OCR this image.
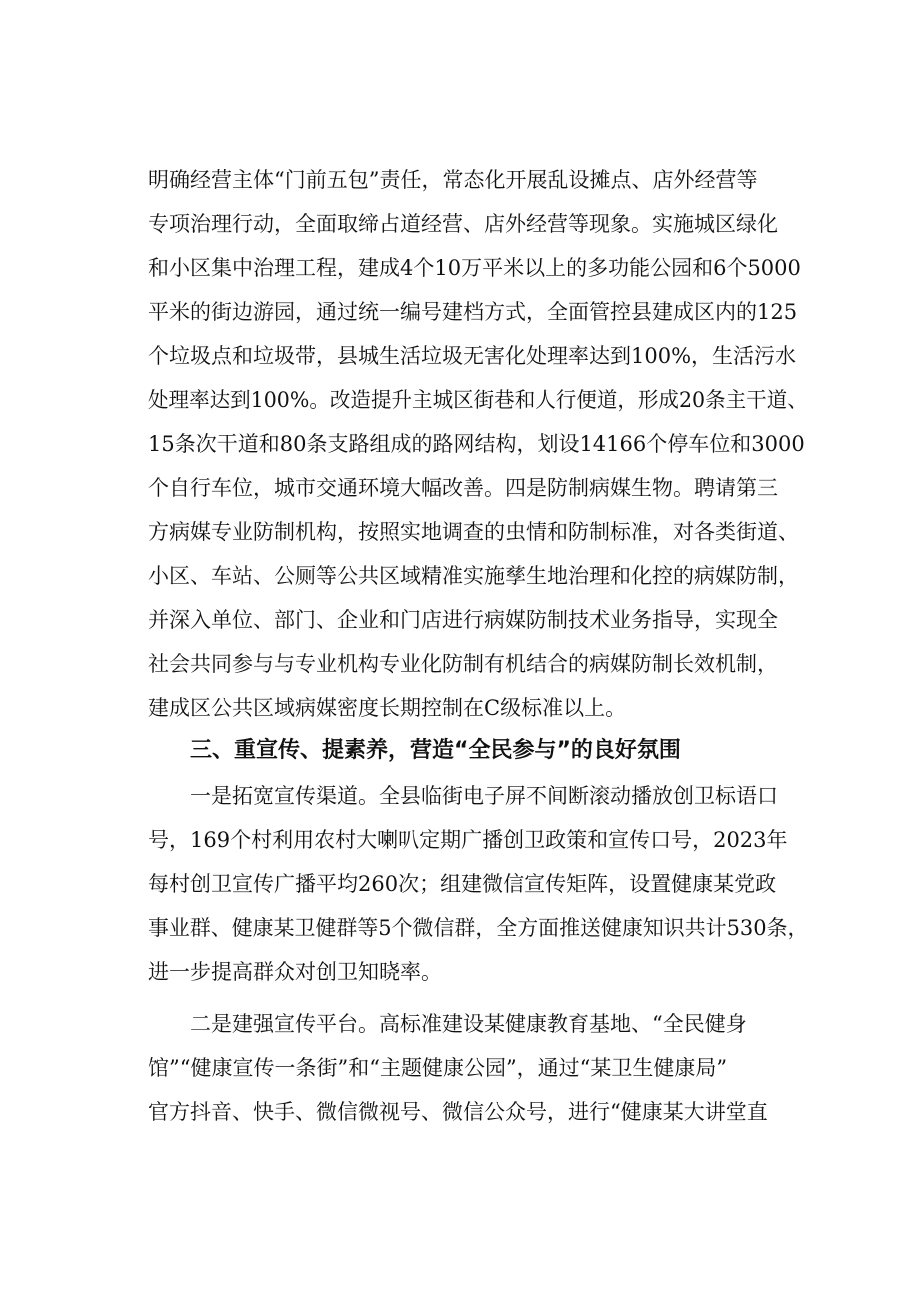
明确经营主体“门前五包”责任，常态化开展乱设摊点、店外经营等
专项治理行动，全面取缔占道经营、店外经营等现象。实施城区绿化
和小区集中治理工程，建成4个10万平米以上的多功能公园和6个5000
平米的街边游园，通过统一编号建档方式，全面管控县建成区内的125
个垃圾点和垃圾带，县城生活垃圾无害化处理率达到100%，生活污水
处理率达到100%。改造提升主城区街巷和人行便道，形成20条主干道、
15条次干道和80条支路组成的路网结构，划设14166个停车位和3000
个自行车位，城市交通环境大幅改善。四是防制病媒生物。聘请第三
方病媒专业防制机构，按照实地调查的虫情和防制标准，对各类街道、
小区、车站、公厕等公共区域精准实施孳生地治理和化控的病媒防制，
并深入单位、部门、企业和门店进行病媒防制技术业务指导，实现全
社会共同参与与专业机构专业化防制有机结合的病媒防制长效机制，
建成区公共区域病媒密度长期控制在C级标准以上。
三、重宣传、提素养，营造“全民参与”的良好氛围
一是拓宽宣传渠道。全县临街电子屏不间断滚动播放创卫标语口
号，169个村利用农村大喇叭定期广播创卫政策和宣传口号，2023年
每村创卫宣传广播平均260次；组建微信宣传矩阵，设置健康某党政
事业群、健康某卫健群等5个微信群，全方面推送健康知识共计530条，
进一步提高群众对创卫知晓率。
二是建强宣传平台。高标准建设某健康教育基地、“全民健身
馆”“健康宣传一条街”和“主题健康公园”，通过“某卫生健康局”
官方抖音、快手、微信微视号、微信公众号，进行“健康某大讲堂直
